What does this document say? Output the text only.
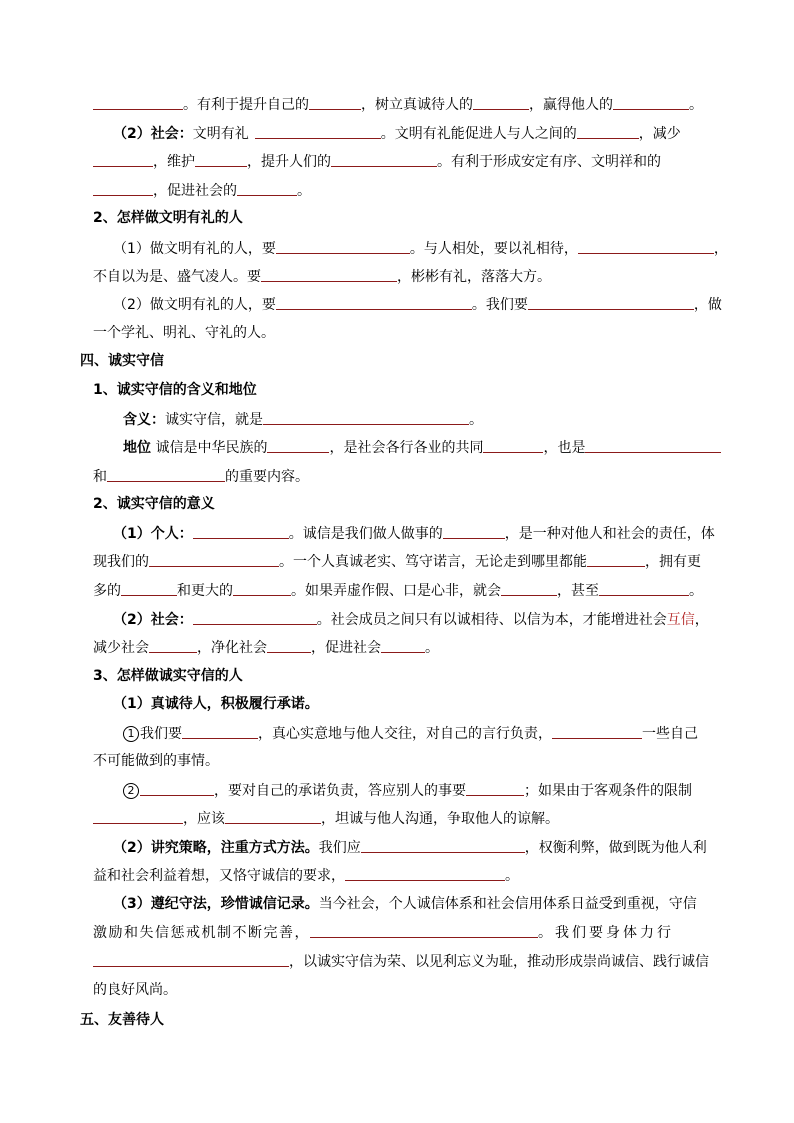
。有利于提升自己的	，树立真诚待人的	，赢得他人的	。
（2）社会：文明有礼	。文明有礼能促进人与人之间的	，减少
，维护	，提升人们的	。有利于形成安定有序、文明祥和的
，促进社会的	。
2、怎样做文明有礼的人
（1）做文明有礼的人，要	。与人相处，要以礼相待，	，
不自以为是、盛气凌人。要	，彬彬有礼，落落大方。
（2）做文明有礼的人，要	。我们要	，做
一个学礼、明礼、守礼的人。
四、诚实守信
1、诚实守信的含义和地位
含义：诚实守信，就是	。
地位 诚信是中华民族的	，是社会各行各业的共同	，也是
和	的重要内容。
2、诚实守信的意义
（1）个人：	。诚信是我们做人做事的	，是一种对他人和社会的责任，体
现我们的	。一个人真诚老实、笃守诺言，无论走到哪里都能	，拥有更
多的	和更大的	。如果弄虚作假、口是心非，就会	，甚至	。
（2）社会：	。社会成员之间只有以诚相待、以信为本，才能增进社会互信，
减少社会	，净化社会	，促进社会	。
3、怎样做诚实守信的人
（1）真诚待人，积极履行承诺。
1 我们要	，真心实意地与他人交往，对自己的言行负责，	一些自己
不可能做到的事情。
2	，要对自己的承诺负责，答应别人的事要	；如果由于客观条件的限制
，应该	，坦诚与他人沟通，争取他人的谅解。
（2）讲究策略，注重方式方法。我们应	，权衡利弊，做到既为他人利
益和社会利益着想，又恪守诚信的要求，	。
（3）遵纪守法，珍惜诚信记录。当今社会，个人诚信体系和社会信用体系日益受到重视，守信
激励和失信惩戒机制不断完善，	。我们要身体力行
，以诚实守信为荣、以见利忘义为耻，推动形成崇尚诚信、践行诚信
的良好风尚。
五、友善待人
